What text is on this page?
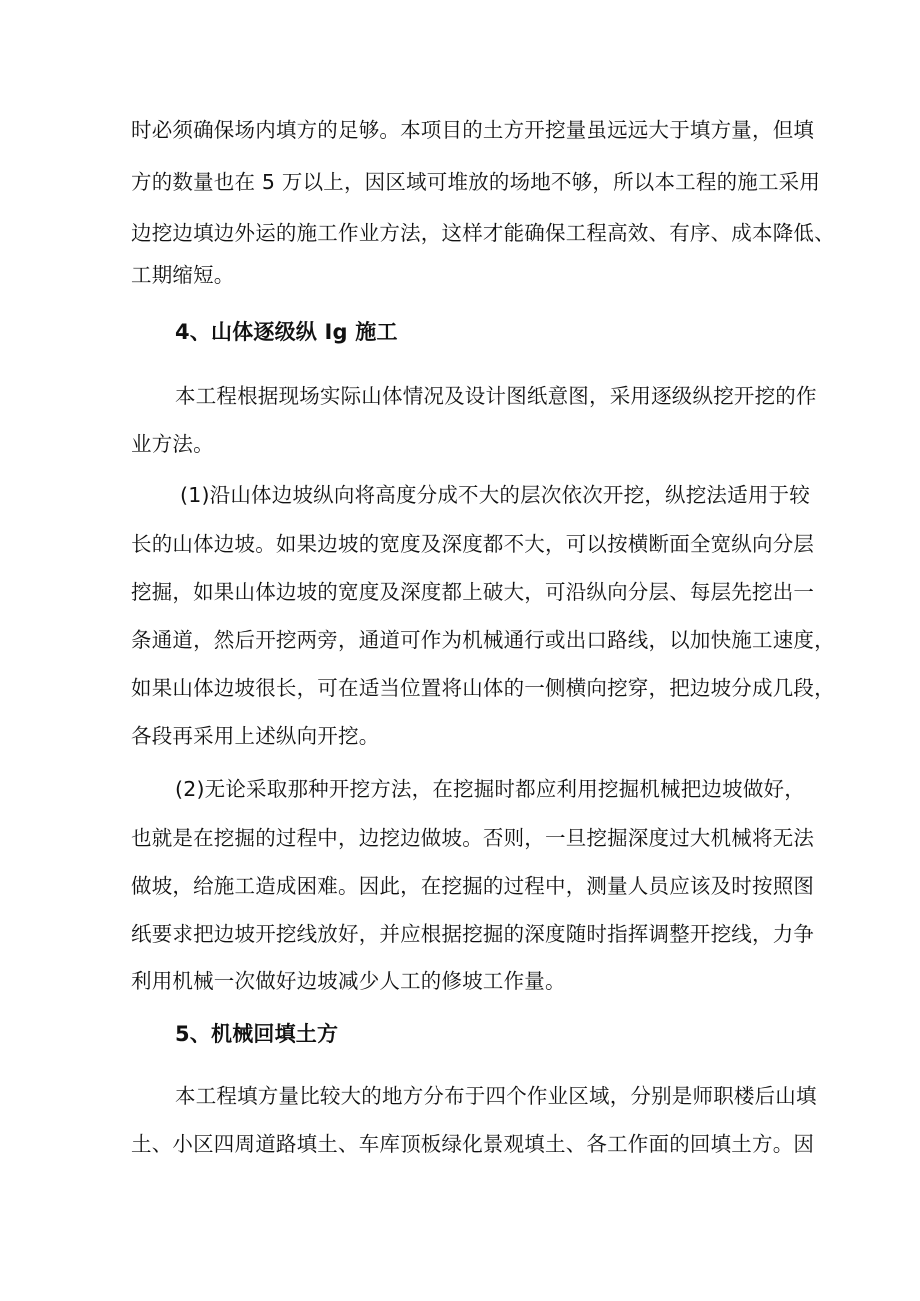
时必须确保场内填方的足够。本项目的土方开挖量虽远远大于填方量，但填
方的数量也在 5 万以上，因区域可堆放的场地不够，所以本工程的施工采用
边挖边填边外运的施工作业方法，这样才能确保工程高效、有序、成本降低、
工期缩短。
4、山体逐级纵 Ig 施工
本工程根据现场实际山体情况及设计图纸意图，采用逐级纵挖开挖的作
业方法。
(1)沿山体边坡纵向将高度分成不大的层次依次开挖，纵挖法适用于较
长的山体边坡。如果边坡的宽度及深度都不大，可以按横断面全宽纵向分层
挖掘，如果山体边坡的宽度及深度都上破大，可沿纵向分层、每层先挖出一
条通道，然后开挖两旁，通道可作为机械通行或出口路线，以加快施工速度，
如果山体边坡很长，可在适当位置将山体的一侧横向挖穿，把边坡分成几段，
各段再采用上述纵向开挖。
(2)无论采取那种开挖方法，在挖掘时都应利用挖掘机械把边坡做好，
也就是在挖掘的过程中，边挖边做坡。否则，一旦挖掘深度过大机械将无法
做坡，给施工造成困难。因此，在挖掘的过程中，测量人员应该及时按照图
纸要求把边坡开挖线放好，并应根据挖掘的深度随时指挥调整开挖线，力争
利用机械一次做好边坡减少人工的修坡工作量。
5、机械回填土方
本工程填方量比较大的地方分布于四个作业区域，分别是师职楼后山填
土、小区四周道路填土、车库顶板绿化景观填土、各工作面的回填土方。因
